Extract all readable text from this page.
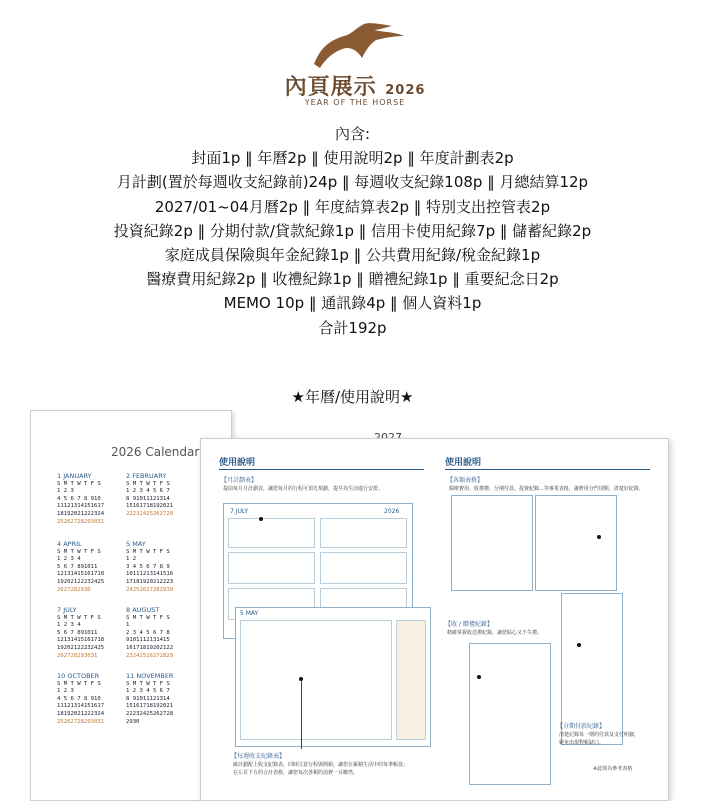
內頁展示 2026
YEAR OF THE HORSE
內含:
封面1p ‖ 年曆2p ‖ 使用說明2p ‖ 年度計劃表2p
月計劃(置於每週收支紀錄前)24p ‖ 每週收支紀錄108p ‖ 月總結算12p
2027/01~04月曆2p ‖ 年度結算表2p ‖ 特別支出控管表2p
投資紀錄2p ‖ 分期付款/貸款紀錄1p ‖ 信用卡使用紀錄7p ‖ 儲蓄紀錄2p
家庭成員保險與年金紀錄1p ‖ 公共費用紀錄/稅金紀錄1p
醫療費用紀錄2p ‖ 收禮紀錄1p ‖ 贈禮紀錄1p ‖ 重要紀念日2p
MEMO 10p ‖ 通訊錄4p ‖ 個人資料1p
合計192p
★年曆/使用說明★
2026 Calendar
1 JANUARY
S M T W T F S
1 2 3
4 5 6 7 8 910
11121314151617
18192021222324
25262728293031
2 FEBRUARY
S M T W T F S
1 2 3 4 5 6 7
8 91011121314
15161718192021
22232425262728
4 APRIL
S M T W T F S
1 2 3 4
5 6 7 891011
12131415161718
19202122232425
2627282930
5 MAY
S M T W T F S
1 2
3 4 5 6 7 8 9
10111213141516
17181920212223
24252627282930
7 JULY
S M T W T F S
1 2 3 4
5 6 7 891011
12131415161718
19202122232425
262728293031
8 AUGUST
S M T W T F S
1
2 3 4 5 6 7 8
9101112131415
16171819202122
23242526272829
10 OCTOBER
S M T W T F S
1 2 3
4 5 6 7 8 910
11121314151617
18192021222324
25262728293031
11 NOVEMBER
S M T W T F S
1 2 3 4 5 6 7
8 91011121314
15161718192021
22232425262728
2930
使用說明
【月計劃表】
提前每月月計劃表，讓您每月的行程可預先規劃，提早為生活進行安排。
7 JULY	2026
5 MAY
【每週收支紀錄表】
確計劃配上收支紀錄表，同時注意行程與開銷，讓您在累積生活中的每筆帳款；
在左頁下方的合計表格，讓您每次各類的消費一目瞭然。
使用說明
【各類表格】
醫療費用、收禮禮、分期付款、投資紀錄...等專業表格，讓費用分門別類，清楚好紀錄。
【收 / 贈禮紀錄】
精確掌握收送禮紀錄，讓您貼心又不失禮。
【分期付款紀錄】
清楚記錄每一期的付款及支付明細，
避免出現對帳缺口。
※此則為參考表格
